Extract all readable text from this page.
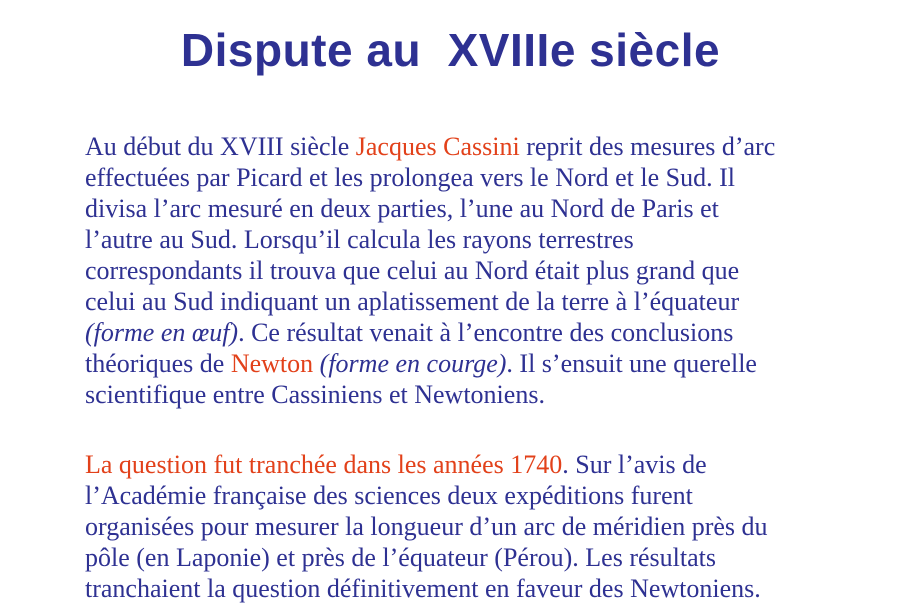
Dispute au  XVIIIe siècle
Au début du XVIII siècle Jacques Cassini reprit des mesures d’arc
effectuées par Picard et les prolongea vers le Nord et le Sud. Il
divisa l’arc mesuré en deux parties, l’une au Nord de Paris et
l’autre au Sud. Lorsqu’il calcula les rayons terrestres
correspondants il trouva que celui au Nord était plus grand que
celui au Sud indiquant un aplatissement de la terre à l’équateur
(forme en œuf). Ce résultat venait à l’encontre des conclusions
théoriques de Newton (forme en courge). Il s’ensuit une querelle
scientifique entre Cassiniens et Newtoniens.
La question fut tranchée dans les années 1740. Sur l’avis de
l’Académie française des sciences deux expéditions furent
organisées pour mesurer la longueur d’un arc de méridien près du
pôle (en Laponie) et près de l’équateur (Pérou). Les résultats
tranchaient la question définitivement en faveur des Newtoniens.
